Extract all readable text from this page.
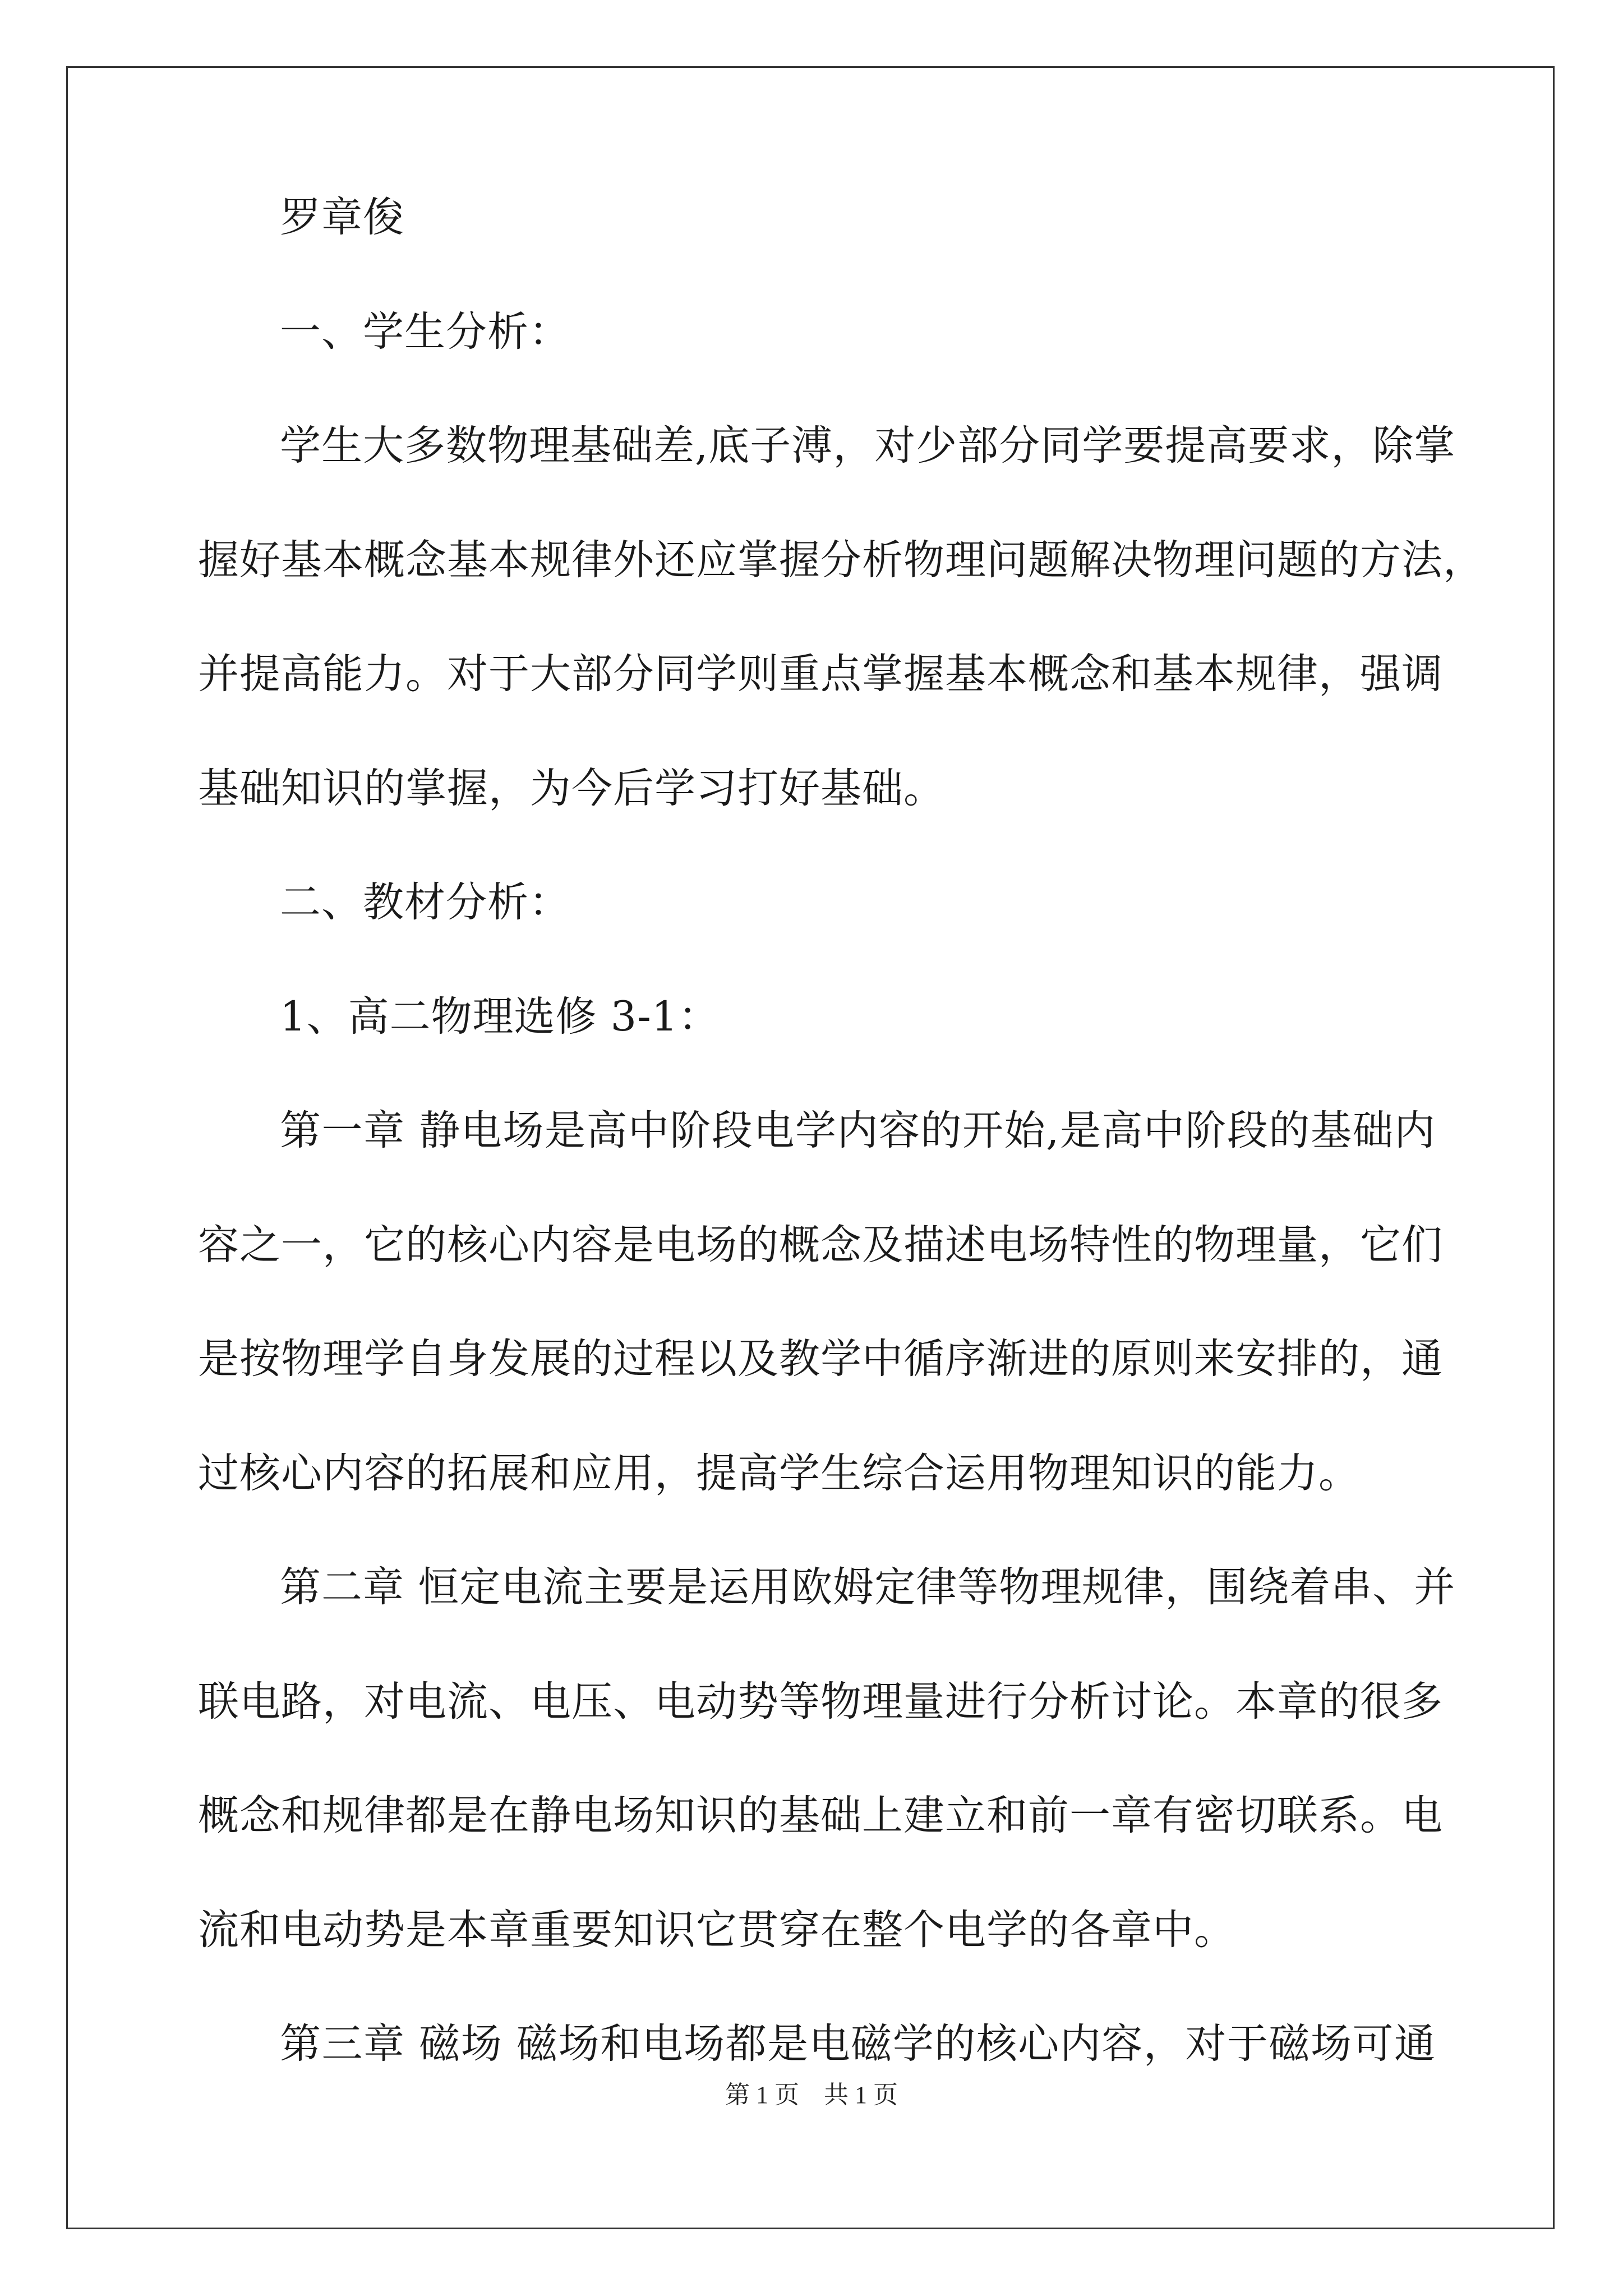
罗章俊
一、学生分析：
学生大多数物理基础差,底子溥，对少部分同学要提高要求，除掌
握好基本概念基本规律外还应掌握分析物理问题解决物理问题的方法，
并提高能力。对于大部分同学则重点掌握基本概念和基本规律，强调
基础知识的掌握，为今后学习打好基础。
二、教材分析：
1、高二物理选修 3-1：
第一章 静电场是高中阶段电学内容的开始,是高中阶段的基础内
容之一，它的核心内容是电场的概念及描述电场特性的物理量，它们
是按物理学自身发展的过程以及教学中循序渐进的原则来安排的，通
过核心内容的拓展和应用，提高学生综合运用物理知识的能力。
第二章 恒定电流主要是运用欧姆定律等物理规律，围绕着串、并
联电路，对电流、电压、电动势等物理量进行分析讨论。本章的很多
概念和规律都是在静电场知识的基础上建立和前一章有密切联系。电
流和电动势是本章重要知识它贯穿在整个电学的各章中。
第三章 磁场 磁场和电场都是电磁学的核心内容，对于磁场可通
第 1 页　共 1 页
